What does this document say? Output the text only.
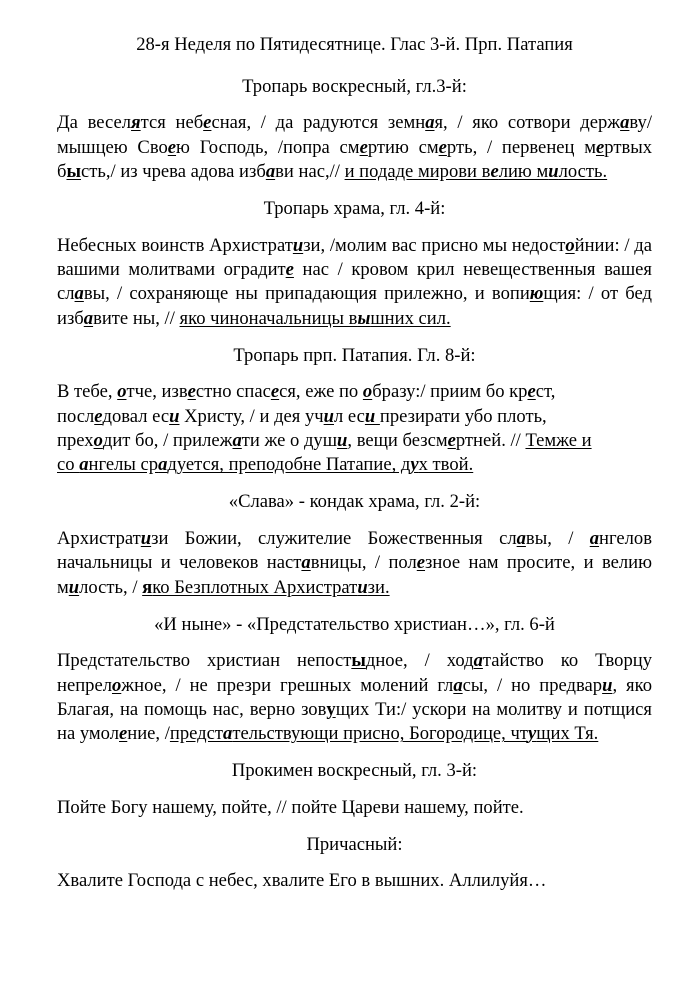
28-я Неделя по Пятидесятнице. Глас 3-й. Прп. Патапия

Тропарь воскресный, гл.3-й:

Да веселятся небесная, / да радуются земная, / яко сотвори державу/ мышцею Своею Господь, /попра смертию смерть, / первенец мертвых бысть,/ из чрева адова избави нас,// и подаде мирови велию милость.

Тропарь храма, гл. 4-й:

Небесных воинств Архистратизи, /молим вас присно мы недостойнии: / да вашими молитвами оградите нас / кровом крил невещественныя вашея славы, / сохраняюще ны припадающия прилежно, и вопиющия: / от бед избавите ны, // яко чиноначальницы вышних сил.

Тропарь прп. Патапия. Гл. 8-й:

В тебе, отче, известно спасеся, еже по образу:/ приим бо крест,
последовал еси Христу, / и дея учил еси презирати убо плоть,
преходит бо, / прилежати же о души, вещи безсмертней. // Темже и
со ангелы срадуется, преподобне Патапие, дух твой.

«Слава» - кондак храма, гл. 2-й:

Архистратизи Божии, служителие Божественныя славы, / ангелов начальницы и человеков наставницы, / полезное нам просите, и велию милость, / яко Безплотных Архистратизи.

«И ныне» - «Предстательство христиан…», гл. 6-й

Предстательство христиан непостыдное, / ходатайство ко Творцу непреложное, / не презри грешных молений гласы, / но предвари, яко Благая, на помощь нас, верно зовущих Ти:/ ускори на молитву и потщися на умоление, /предстательствующи присно, Богородице, чтущих Тя.

Прокимен воскресный, гл. 3-й:

Пойте Богу нашему, пойте, // пойте Цареви нашему, пойте.

Причасный:

Хвалите Господа с небес, хвалите Его в вышних. Аллилуйя…
